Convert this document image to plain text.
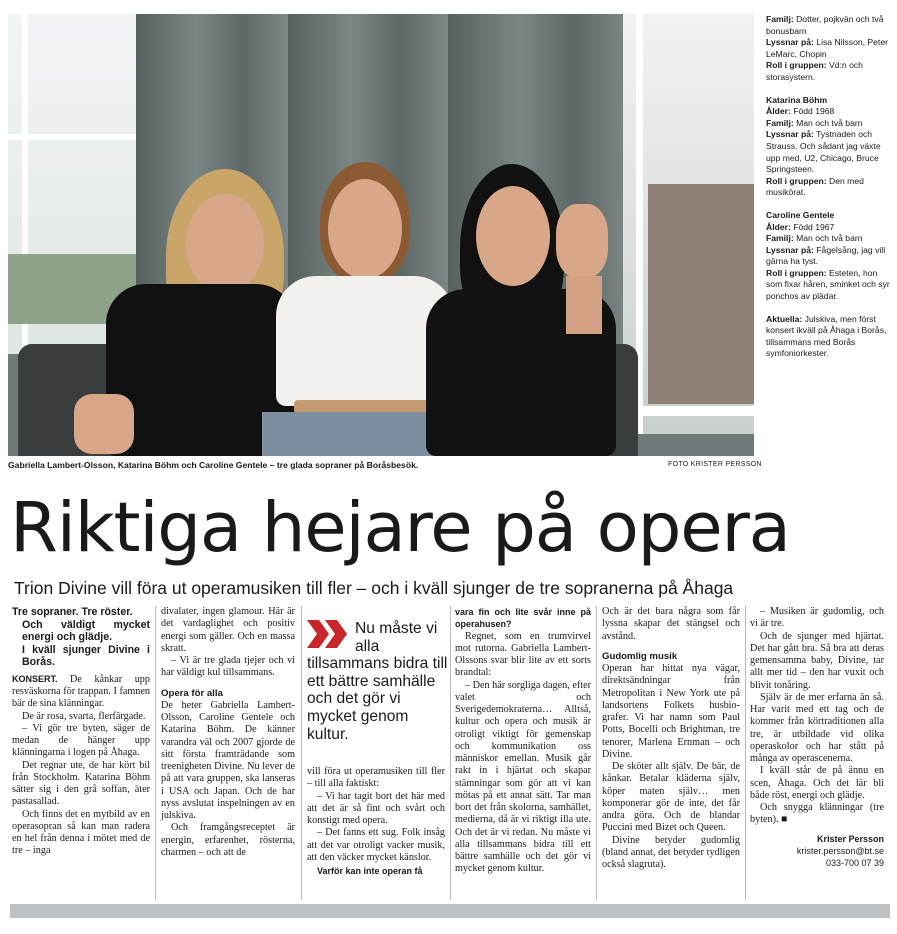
Gabriella Lambert-Olsson, Katarina Böhm och Caroline Gentele – tre glada sopraner på Boråsbesök.	FOTO KRISTER PERSSON

Familj: Dotter, pojkvän och två bonusbarn
Lyssnar på: Lisa Nilsson, Peter LeMarc, Chopin
Roll i gruppen: Vd:n och storasystern.

Katarina Böhm
Ålder: Född 1968
Familj: Man och två barn
Lyssnar på: Tystnaden och Strauss. Och sådant jag växte upp med, U2, Chicago, Bruce Springsteen.
Roll i gruppen: Den med musikörat.

Caroline Gentele
Ålder: Född 1967
Familj: Man och två barn
Lyssnar på: Fågelsång, jag vill gärna ha tyst.
Roll i gruppen: Esteten, hon som fixar håren, sminket och syr ponchos av plädar.

Aktuella: Julskiva, men först konsert ikväll på Åhaga i Borås, tillsammans med Borås symfoniorkester.

Riktiga hejare på opera
Trion Divine vill föra ut operamusiken till fler – och i kväll sjunger de tre sopranerna på Åhaga
Tre sopraner. Tre röster.
Och väldigt mycket energi och glädje.
I kväll sjunger Divine i Borås.

KONSERT. De kånkar upp resväskorna för trappan. I famnen bär de sina klänningar.

De är rosa, svarta, flerfärgade.

– Vi gör tre byten, säger de medan de hänger upp klänningarna i logen på Åhaga.

Det regnar ute, de har kört bil från Stockholm. Katarina Böhm sätter sig i den grå soffan, äter pastasallad.

Och finns det en mytbild av en operasopran så kan man radera en hel från denna i mötet med de tre – inga

divalater, ingen glamour. Här är det vardaglighet och positiv energi som gäller. Och en massa skratt.

– Vi är tre glada tjejer och vi har väldigt kul tillsammans.

Opera för alla

De heter Gabriella Lambert-Olsson, Caroline Gentele och Katarina Böhm. De känner varandra väl och 2007 gjorde de sitt första framträdande som treenigheten Divine. Nu lever de på att vara gruppen, ska lanseras i USA och Japan. Och de har nyss avslutat inspelningen av en julskiva.

Och framgångsreceptet är energin, erfarenhet, rösterna, charmen – och att de

Nu måste vi alla tillsammans bidra till ett bättre samhälle och det gör vi mycket genom kultur.

vill föra ut operamusiken till fler – till alla faktiskt:

– Vi har tagit bort det här med att det är så fint och svårt och konstigt med opera.

– Det fanns ett sug. Folk insåg att det var otroligt vacker musik, att den väcker mycket känslor.

Varför kan inte operan få

vara fin och lite svår inne på operahusen?

Regnet, som en trumvirvel mot rutorna. Gabriella Lambert-Olssons svar blir lite av ett sorts brandtal:

– Den här sorgliga dagen, efter valet och Sverigedemokraterna… Alltså, kultur och opera och musik är otroligt viktigt för gemenskap och kommunikation oss människor emellan. Musik går rakt in i hjärtat och skapar stämningar som gör att vi kan mötas på ett annat sätt. Tar man bort det från skolorna, samhället, medierna, då är vi riktigt illa ute. Och det är vi redan. Nu måste vi alla tillsammans bidra till ett bättre samhälle och det gör vi mycket genom kultur.

Och är det bara några som får lyssna skapar det stängsel och avstånd.

Gudomlig musik

Operan har hittat nya vägar, direktsändningar från Metropolitan i New York ute på landsortens Folkets husbio-grafer. Vi har namn som Paul Potts, Bocelli och Brightman, tre tenorer, Marlena Ernman – och Divine.

De sköter allt själv. De bär, de kånkar. Betalar kläderna själv, köper maten själv… men komponerar gör de inte, det får andra göra. Och de blandar Puccini med Bizet och Queen.

Divine betyder gudomlig (bland annat, det betyder tydligen också slagruta).

– Musiken är gudomlig, och vi är tre.

Och de sjunger med hjärtat. Det har gått bra. Så bra att deras gemensamma baby, Divine, tar allt mer tid – den har vuxit och blivit tonåring.

Själv är de mer erfarna än så. Har varit med ett tag och de kommer från körtraditionen alla tre, är utbildade vid olika operaskolor och har stått på många av operascenerna.

I kväll står de på ännu en scen, Åhaga. Och det lär bli både röst, energi och glädje.

Och snygga klänningar (tre byten). ■

Krister Persson
krister.persson@bt.se
033-700 07 39
